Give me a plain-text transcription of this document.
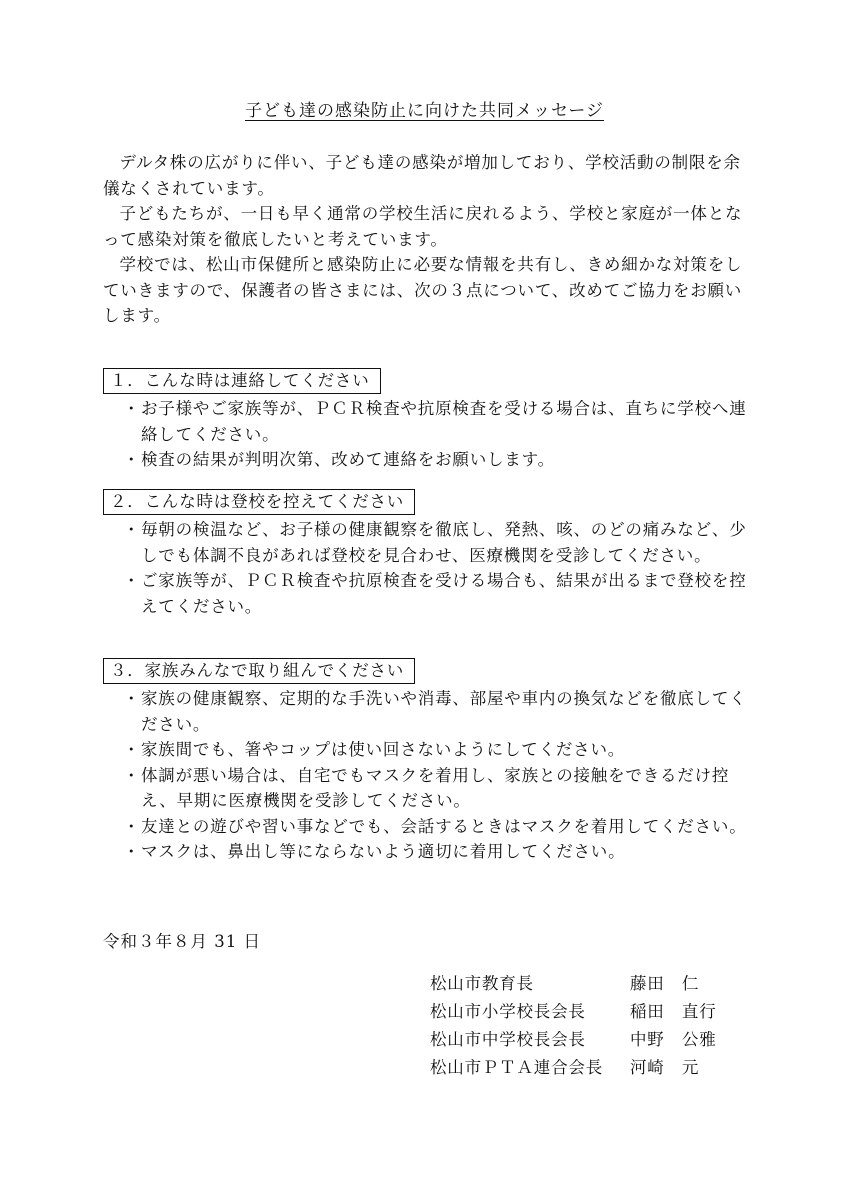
子ども達の感染防止に向けた共同メッセージ

デルタ株の広がりに伴い、子ども達の感染が増加しており、学校活動の制限を余儀なくされています。

子どもたちが、一日も早く通常の学校生活に戻れるよう、学校と家庭が一体となって感染対策を徹底したいと考えています。

学校では、松山市保健所と感染防止に必要な情報を共有し、きめ細かな対策をしていきますので、保護者の皆さまには、次の３点について、改めてご協力をお願いします。

１．こんな時は連絡してください
・ お子様やご家族等が、ＰＣＲ検査や抗原検査を受ける場合は、直ちに学校へ連絡してください。
・ 検査の結果が判明次第、改めて連絡をお願いします。
２．こんな時は登校を控えてください
・ 毎朝の検温など、お子様の健康観察を徹底し、発熱、咳、のどの痛みなど、少しでも体調不良があれば登校を見合わせ、医療機関を受診してください。
・ ご家族等が、ＰＣＲ検査や抗原検査を受ける場合も、結果が出るまで登校を控えてください。
３．家族みんなで取り組んでください
・ 家族の健康観察、定期的な手洗いや消毒、部屋や車内の換気などを徹底してください。
・ 家族間でも、箸やコップは使い回さないようにしてください。
・ 体調が悪い場合は、自宅でもマスクを着用し、家族との接触をできるだけ控え、早期に医療機関を受診してください。
・ 友達との遊びや習い事などでも、会話するときはマスクを着用してください。
・ マスクは、鼻出し等にならないよう適切に着用してください。
令和３年８月 31 日
松山市教育長	藤田　仁
松山市小学校長会長	稲田　直行
松山市中学校長会長	中野　公雅
松山市ＰＴＡ連合会長	河崎　元
